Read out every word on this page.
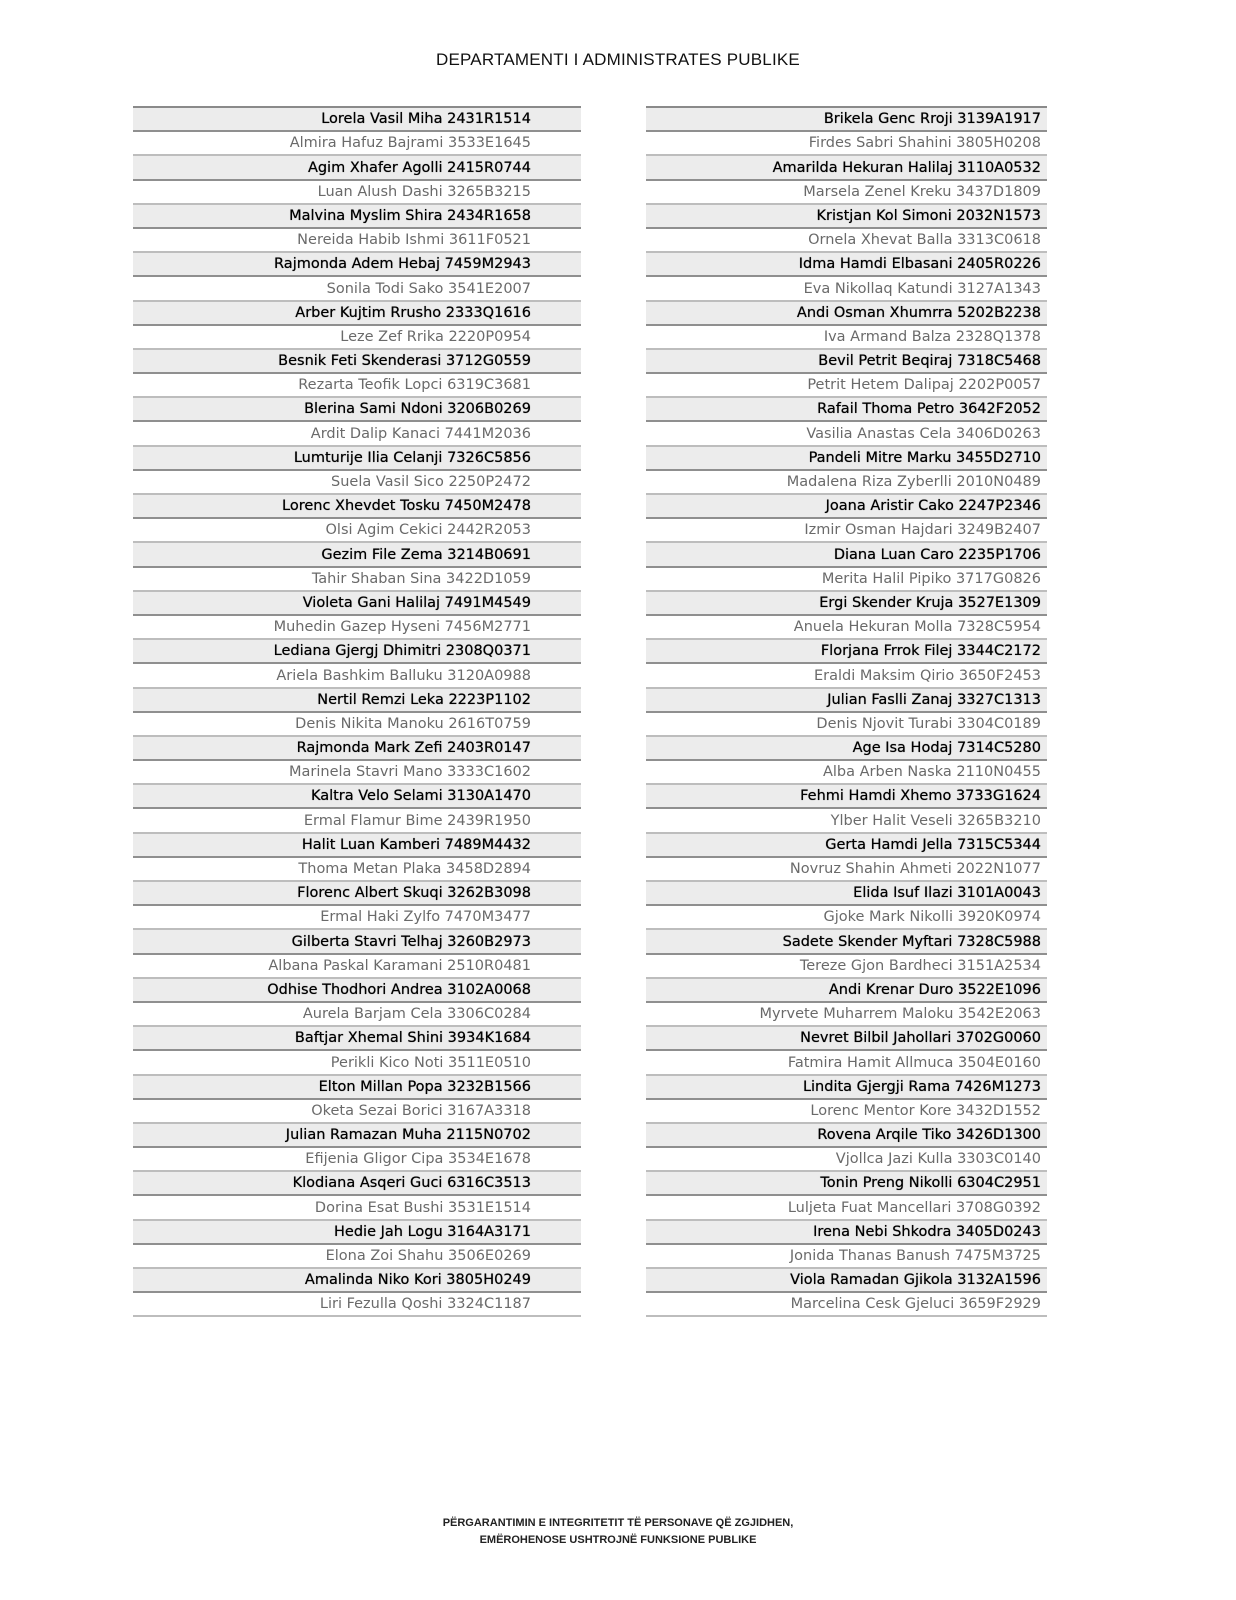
DEPARTAMENTI I ADMINISTRATES PUBLIKE
Lorela Vasil Miha 2431R1514
Almira Hafuz Bajrami 3533E1645
Agim Xhafer Agolli 2415R0744
Luan Alush Dashi 3265B3215
Malvina Myslim Shira 2434R1658
Nereida Habib Ishmi 3611F0521
Rajmonda Adem Hebaj 7459M2943
Sonila Todi Sako 3541E2007
Arber Kujtim Rrusho 2333Q1616
Leze Zef Rrika 2220P0954
Besnik Feti Skenderasi 3712G0559
Rezarta Teofik Lopci 6319C3681
Blerina Sami Ndoni 3206B0269
Ardit Dalip Kanaci 7441M2036
Lumturije Ilia Celanji 7326C5856
Suela Vasil Sico 2250P2472
Lorenc Xhevdet Tosku 7450M2478
Olsi Agim Cekici 2442R2053
Gezim File Zema 3214B0691
Tahir Shaban Sina 3422D1059
Violeta Gani Halilaj 7491M4549
Muhedin Gazep Hyseni 7456M2771
Lediana Gjergj Dhimitri 2308Q0371
Ariela Bashkim Balluku 3120A0988
Nertil Remzi Leka 2223P1102
Denis Nikita Manoku 2616T0759
Rajmonda Mark Zefi 2403R0147
Marinela Stavri Mano 3333C1602
Kaltra Velo Selami 3130A1470
Ermal Flamur Bime 2439R1950
Halit Luan Kamberi 7489M4432
Thoma Metan Plaka 3458D2894
Florenc Albert Skuqi 3262B3098
Ermal Haki Zylfo 7470M3477
Gilberta Stavri Telhaj 3260B2973
Albana Paskal Karamani 2510R0481
Odhise Thodhori Andrea 3102A0068
Aurela Barjam Cela 3306C0284
Baftjar Xhemal Shini 3934K1684
Perikli Kico Noti 3511E0510
Elton Millan Popa 3232B1566
Oketa Sezai Borici 3167A3318
Julian Ramazan Muha 2115N0702
Efijenia Gligor Cipa 3534E1678
Klodiana Asqeri Guci 6316C3513
Dorina Esat Bushi 3531E1514
Hedie Jah Logu 3164A3171
Elona Zoi Shahu 3506E0269
Amalinda Niko Kori 3805H0249
Liri Fezulla Qoshi 3324C1187
Brikela Genc Rroji 3139A1917
Firdes Sabri Shahini 3805H0208
Amarilda Hekuran Halilaj 3110A0532
Marsela Zenel Kreku 3437D1809
Kristjan Kol Simoni 2032N1573
Ornela Xhevat Balla 3313C0618
Idma Hamdi Elbasani 2405R0226
Eva Nikollaq Katundi 3127A1343
Andi Osman Xhumrra 5202B2238
Iva Armand Balza 2328Q1378
Bevil Petrit Beqiraj 7318C5468
Petrit Hetem Dalipaj 2202P0057
Rafail Thoma Petro 3642F2052
Vasilia Anastas Cela 3406D0263
Pandeli Mitre Marku 3455D2710
Madalena Riza Zyberlli 2010N0489
Joana Aristir Cako 2247P2346
Izmir Osman Hajdari 3249B2407
Diana Luan Caro 2235P1706
Merita Halil Pipiko 3717G0826
Ergi Skender Kruja 3527E1309
Anuela Hekuran Molla 7328C5954
Florjana Frrok Filej 3344C2172
Eraldi Maksim Qirio 3650F2453
Julian Faslli Zanaj 3327C1313
Denis Njovit Turabi 3304C0189
Age Isa Hodaj 7314C5280
Alba Arben Naska 2110N0455
Fehmi Hamdi Xhemo 3733G1624
Ylber Halit Veseli 3265B3210
Gerta Hamdi Jella 7315C5344
Novruz Shahin Ahmeti 2022N1077
Elida Isuf Ilazi 3101A0043
Gjoke Mark Nikolli 3920K0974
Sadete Skender Myftari 7328C5988
Tereze Gjon Bardheci 3151A2534
Andi Krenar Duro 3522E1096
Myrvete Muharrem Maloku 3542E2063
Nevret Bilbil Jahollari 3702G0060
Fatmira Hamit Allmuca 3504E0160
Lindita Gjergji Rama 7426M1273
Lorenc Mentor Kore 3432D1552
Rovena Arqile Tiko 3426D1300
Vjollca Jazi Kulla 3303C0140
Tonin Preng Nikolli 6304C2951
Luljeta Fuat Mancellari 3708G0392
Irena Nebi Shkodra 3405D0243
Jonida Thanas Banush 7475M3725
Viola Ramadan Gjikola 3132A1596
Marcelina Cesk Gjeluci 3659F2929
PËRGARANTIMIN E INTEGRITETIT TË PERSONAVE QË ZGJIDHEN,
EMËROHENOSE USHTROJNË FUNKSIONE PUBLIKE
